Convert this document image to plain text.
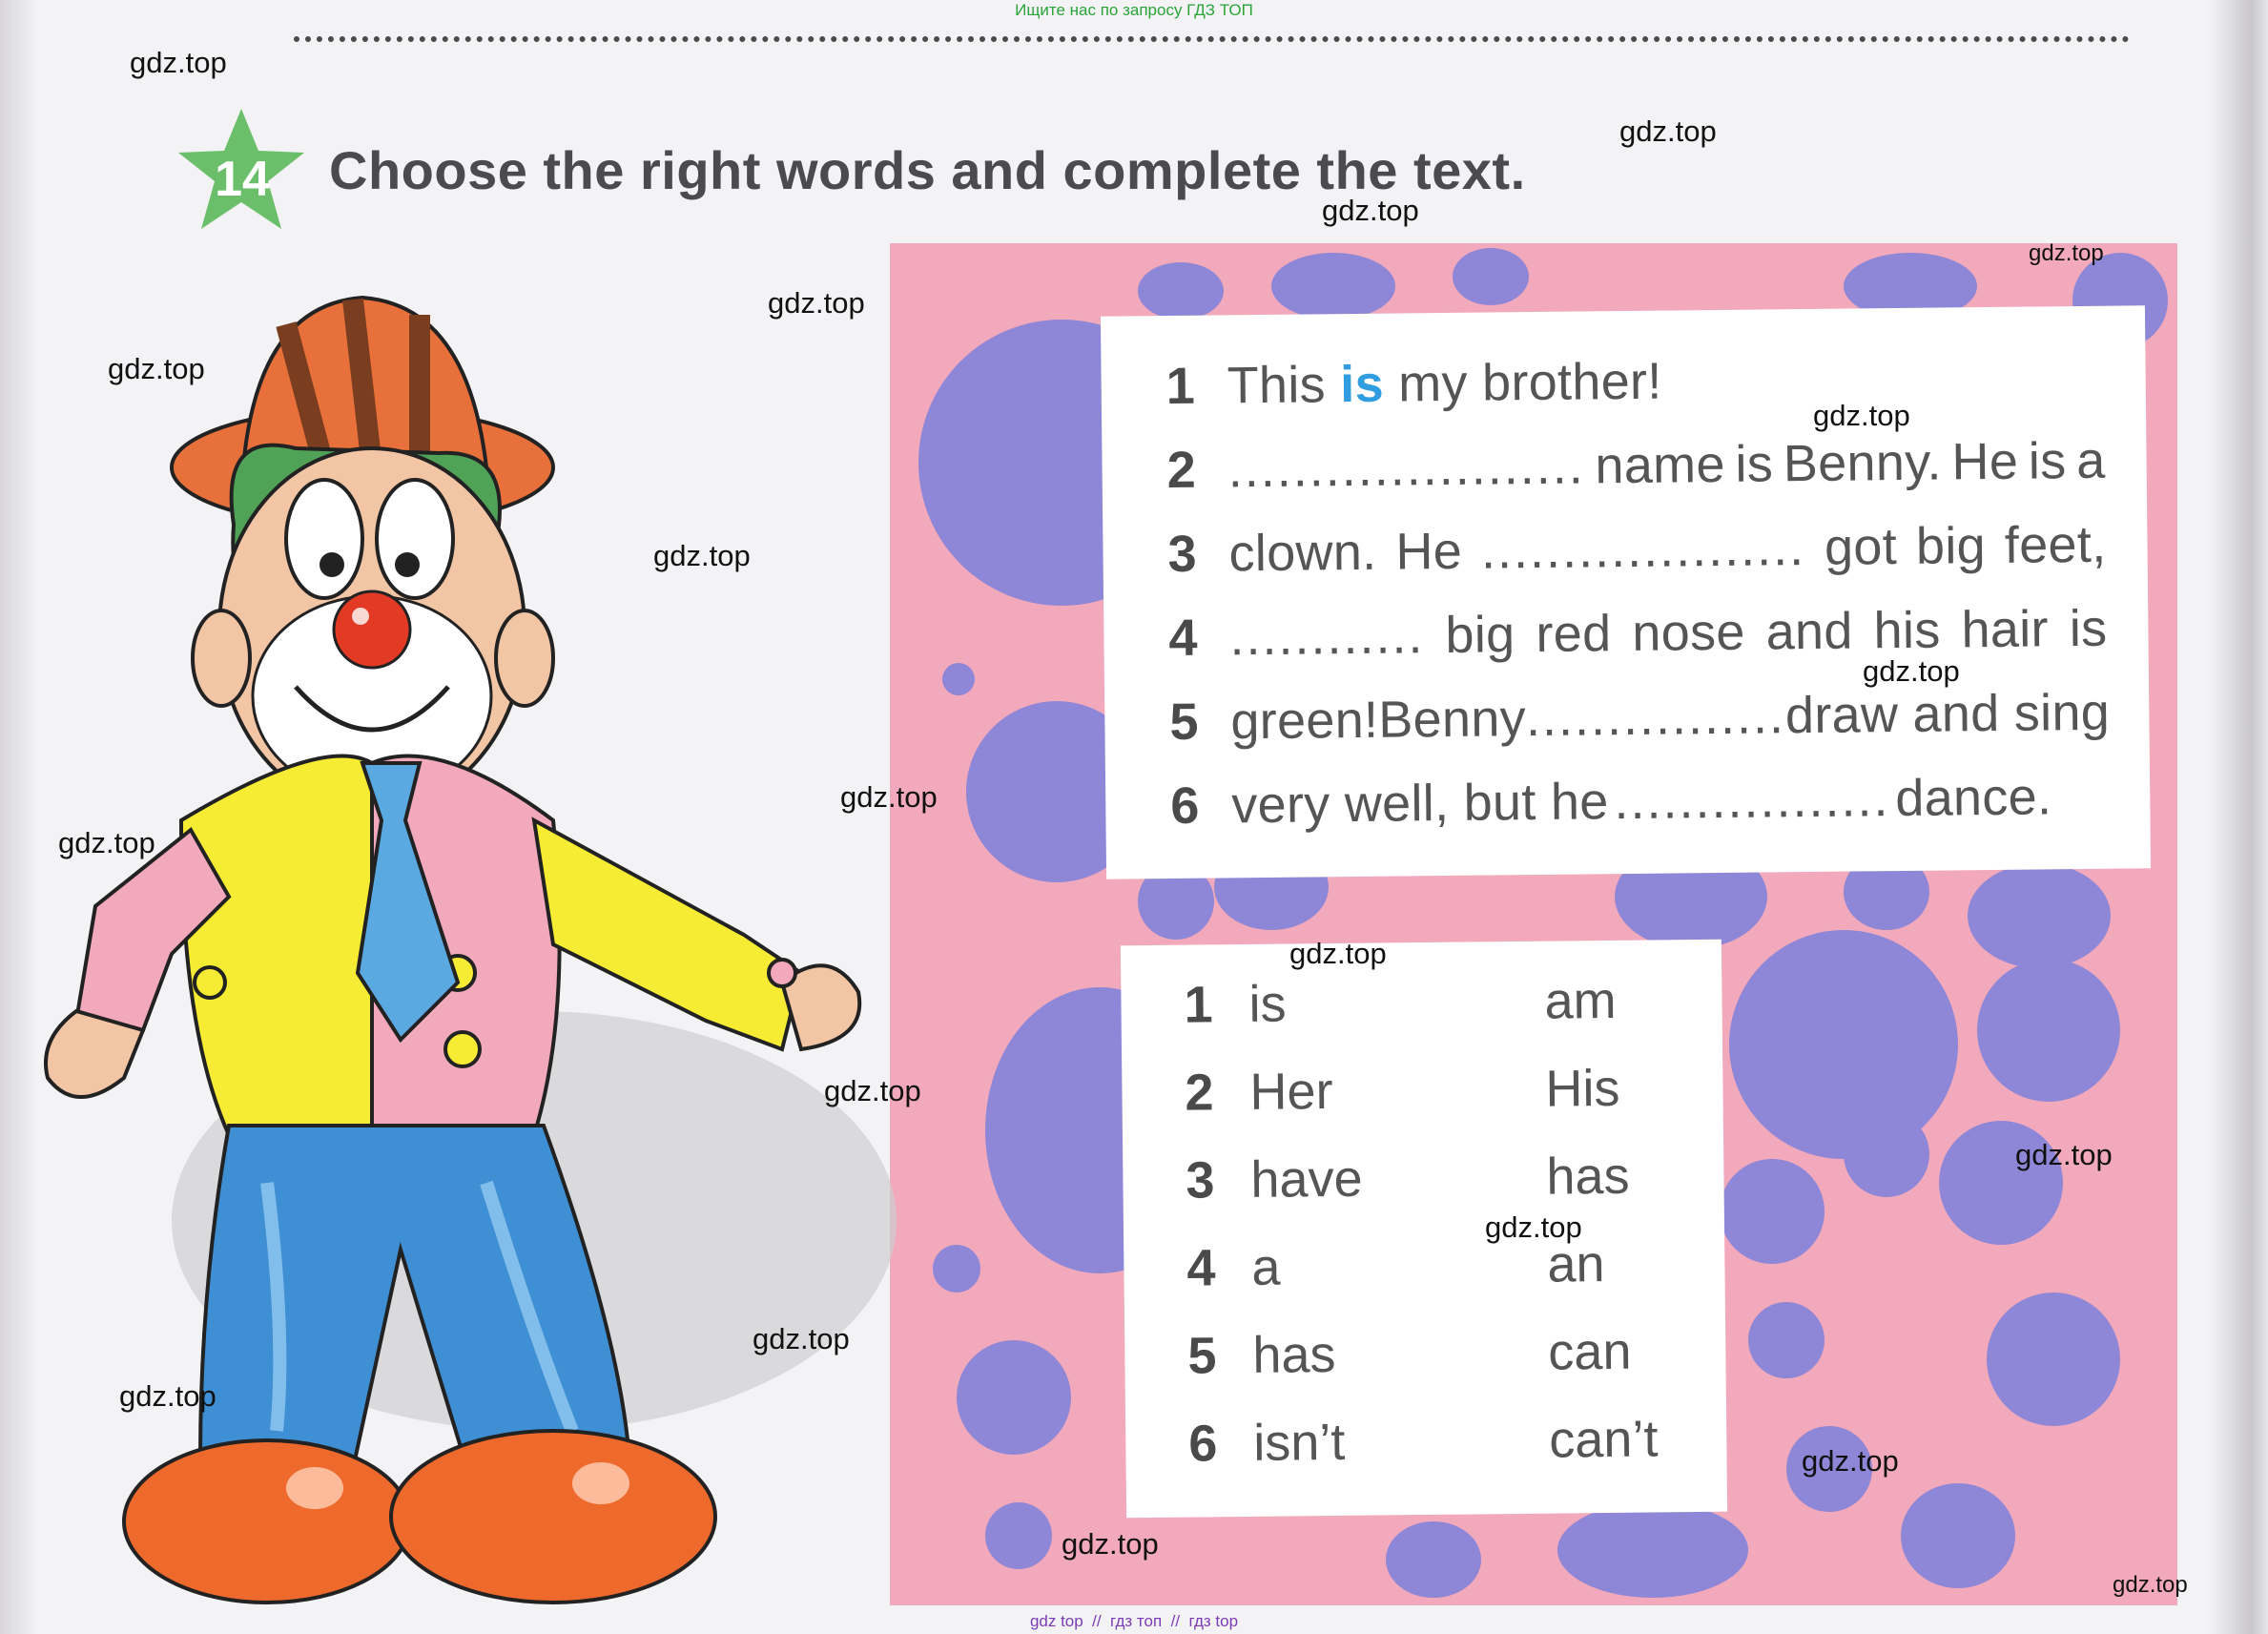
Ищите нас по запросу ГДЗ ТОП
14 Choose the right words and complete the text.
1 This is my brother!
2 ...................... name is Benny. He is a
3 clown. He .................... got big feet,
4 ............ big red nose and his hair is
5 green! Benny ................ draw and sing
6 very well, but he ................. dance.
1 is	am
2 Her	His
3 have	has
4 a	an
5 has	can
6 isn’t	can’t
gdz.top
gdz.top
gdz.top
gdz.top
gdz.top
gdz.top
gdz.top
gdz.top
gdz.top
gdz.top
gdz.top
gdz.top
gdz.top
gdz.top
gdz.top
gdz.top
gdz.top
gdz.top
gdz.top
gdz.top
gdz top  //  гдз топ  //  гдз top
